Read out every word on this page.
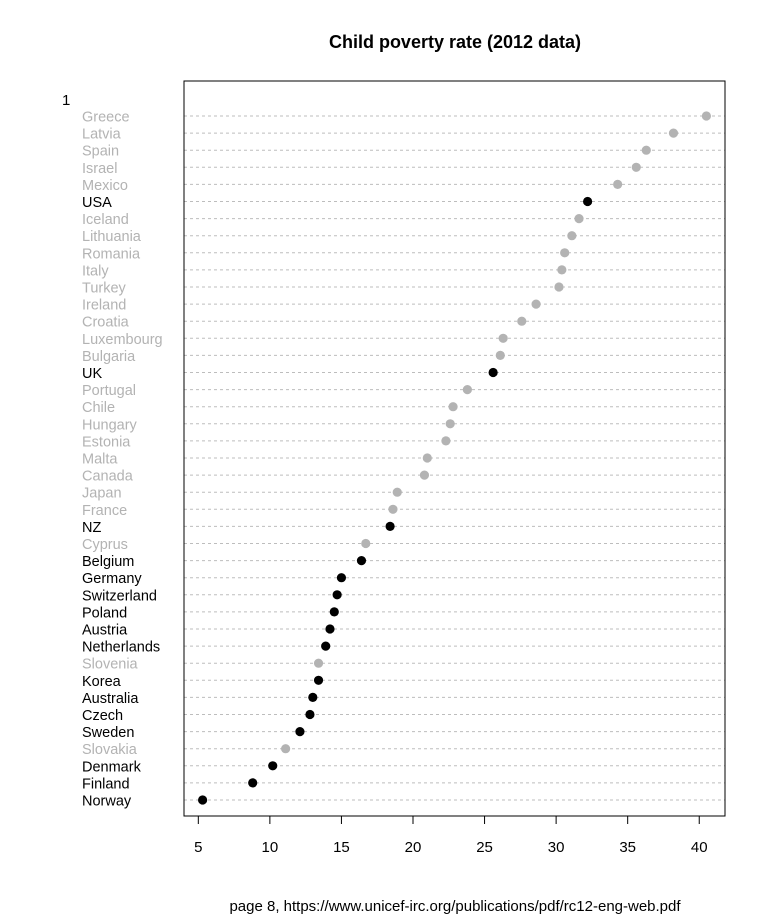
Child poverty rate (2012 data)
1
Greece
Latvia
Spain
Israel
Mexico
USA
Iceland
Lithuania
Romania
Italy
Turkey
Ireland
Croatia
Luxembourg
Bulgaria
UK
Portugal
Chile
Hungary
Estonia
Malta
Canada
Japan
France
NZ
Cyprus
Belgium
Germany
Switzerland
Poland
Austria
Netherlands
Slovenia
Korea
Australia
Czech
Sweden
Slovakia
Denmark
Finland
Norway
5	10	15	20	25	30	35	40
page 8, https://www.unicef-irc.org/publications/pdf/rc12-eng-web.pdf
